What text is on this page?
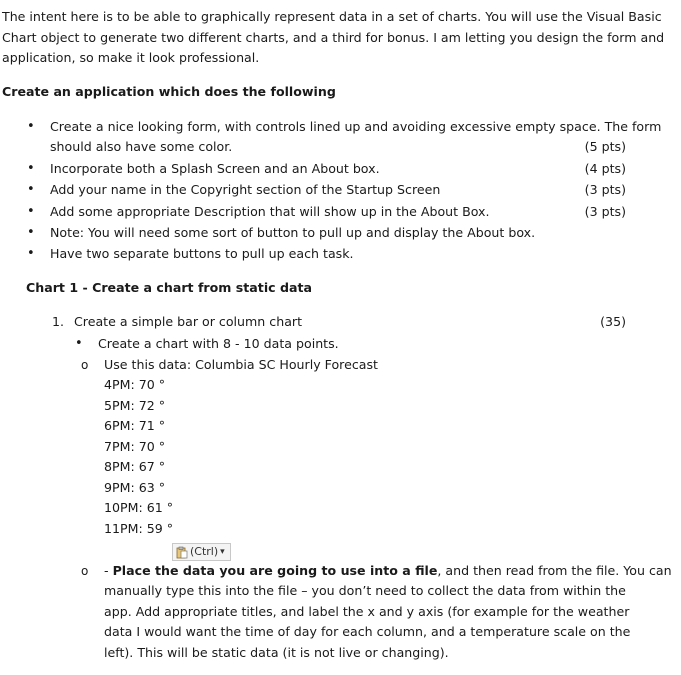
The intent here is to be able to graphically represent data in a set of charts. You will use the Visual Basic
Chart object to generate two different charts, and a third for bonus. I am letting you design the form and
application, so make it look professional.
Create an application which does the following
• Create a nice looking form, with controls lined up and avoiding excessive empty space. The form
should also have some color.	(5 pts)
• Incorporate both a Splash Screen and an About box.	(4 pts)
• Add your name in the Copyright section of the Startup Screen	(3 pts)
• Add some appropriate Description that will show up in the About Box.	(3 pts)
• Note: You will need some sort of button to pull up and display the About box.
• Have two separate buttons to pull up each task.
Chart 1 - Create a chart from static data
1. Create a simple bar or column chart	(35)
• Create a chart with 8 - 10 data points.
o Use this data: Columbia SC Hourly Forecast
4PM: 70 °
5PM: 72 °
6PM: 71 °
7PM: 70 °
8PM: 67 °
9PM: 63 °
10PM: 61 °
11PM: 59 °
(Ctrl) ▾
o - Place the data you are going to use into a file, and then read from the file. You can
manually type this into the file – you don’t need to collect the data from within the
app. Add appropriate titles, and label the x and y axis (for example for the weather
data I would want the time of day for each column, and a temperature scale on the
left). This will be static data (it is not live or changing).
